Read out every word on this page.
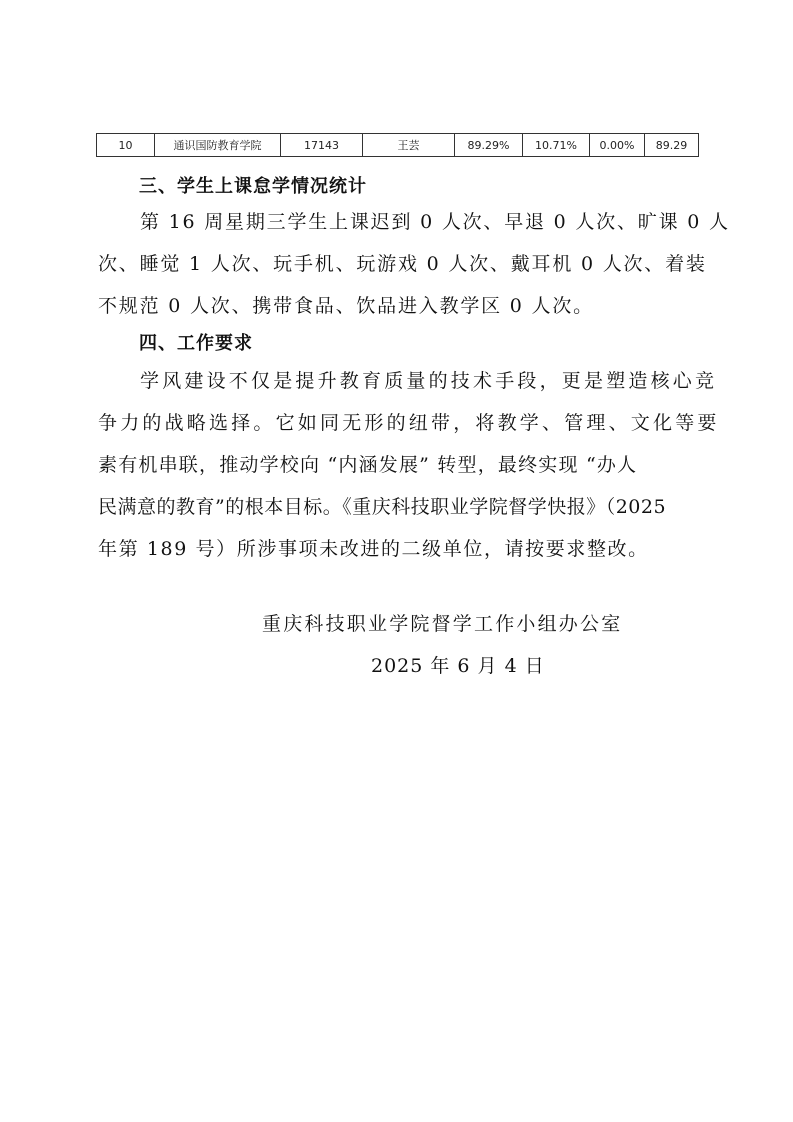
10	通识国防教育学院	17143	王芸	89.29%	10.71%	0.00%	89.29
三、学生上课怠学情况统计
第 16 周星期三学生上课迟到 0 人次、早退 0 人次、旷课 0 人
次、睡觉 1 人次、玩手机、玩游戏 0 人次、戴耳机 0 人次、着装
不规范 0 人次、携带食品、饮品进入教学区 0 人次。
四、工作要求
学风建设不仅是提升教育质量的技术手段，更是塑造核心竞
争力的战略选择。它如同无形的纽带，将教学、管理、文化等要
素有机串联，推动学校向 “内涵发展” 转型，最终实现 “办人
民满意的教育”的根本目标。《重庆科技职业学院督学快报》（2025
年第 189 号）所涉事项未改进的二级单位，请按要求整改。
重庆科技职业学院督学工作小组办公室
2025 年 6 月 4 日
